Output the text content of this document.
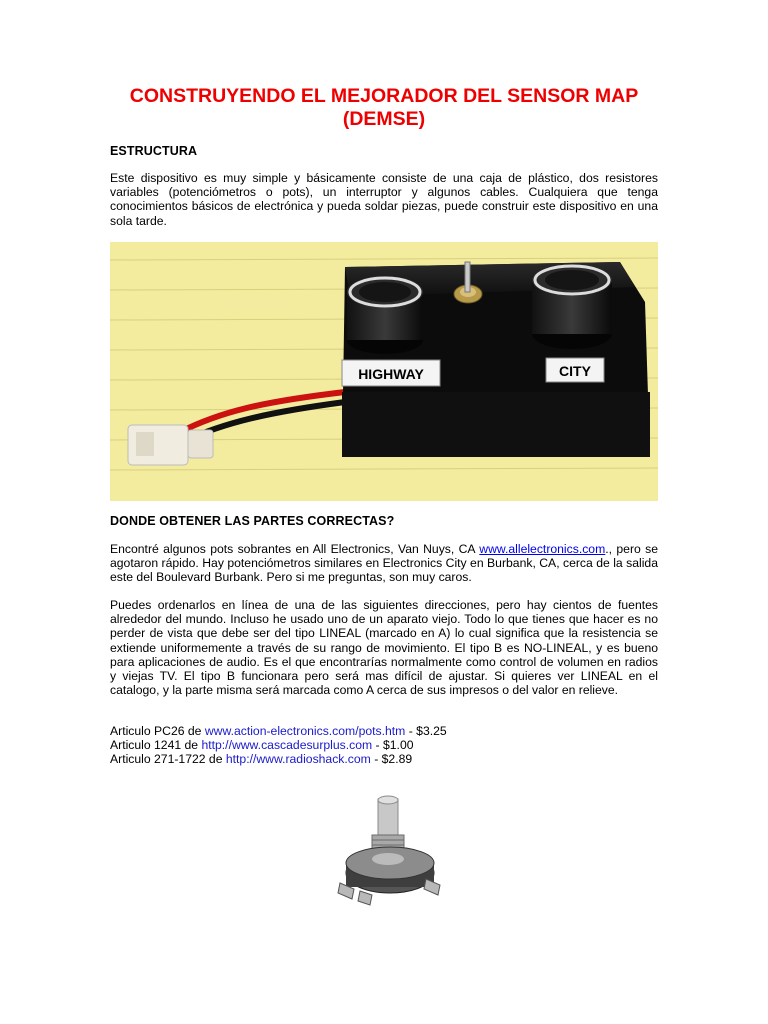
CONSTRUYENDO EL MEJORADOR DEL SENSOR MAP (DEMSE)
ESTRUCTURA

Este dispositivo es muy simple y básicamente consiste de una caja de plástico, dos resistores variables (potenciómetros o pots), un interruptor y algunos cables. Cualquiera que tenga conocimientos básicos de electrónica y pueda soldar piezas, puede construir este dispositivo en una sola tarde.

HIGHWAY	CITY
DONDE OBTENER LAS PARTES CORRECTAS?

Encontré algunos pots sobrantes en All Electronics, Van Nuys, CA www.allelectronics.com., pero se agotaron rápido. Hay potenciómetros similares en Electronics City en Burbank, CA, cerca de la salida este del Boulevard Burbank. Pero si me preguntas, son muy caros.

Puedes ordenarlos en línea de una de las siguientes direcciones, pero hay cientos de fuentes alrededor del mundo. Incluso he usado uno de un aparato viejo. Todo lo que tienes que hacer es no perder de vista que debe ser del tipo LINEAL (marcado en A) lo cual significa que la resistencia se extiende uniformemente a través de su rango de movimiento. El tipo B es NO-LINEAL, y es bueno para aplicaciones de audio. Es el que encontrarías normalmente como control de volumen en radios y viejas TV. El tipo B funcionara pero será mas difícil de ajustar. Si quieres ver LINEAL en el catalogo, y la parte misma será marcada como A cerca de sus impresos o del valor en relieve.

Articulo PC26 de www.action-electronics.com/pots.htm - $3.25

Articulo 1241 de http://www.cascadesurplus.com - $1.00

Articulo 271-1722 de http://www.radioshack.com - $2.89
